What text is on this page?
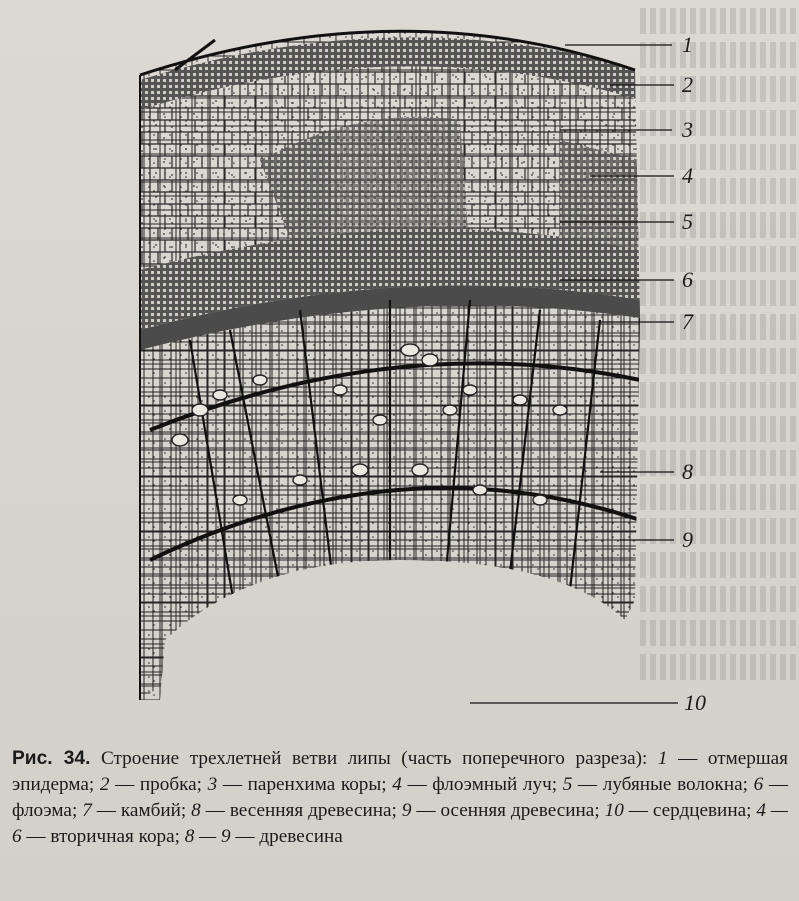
1
2
3
4
5
6
7
8
9
10
Рис. 34. Строение трехлетней ветви липы (часть поперечного разреза): 1 — отмершая эпидерма; 2 — пробка; 3 — паренхима коры; 4 — флоэмный луч; 5 — лубяные волокна; 6 — флоэма; 7 — камбий; 8 — весенняя древесина; 9 — осенняя древесина; 10 — сердцевина; 4 — 6 — вторичная кора; 8 — 9 — древесина
